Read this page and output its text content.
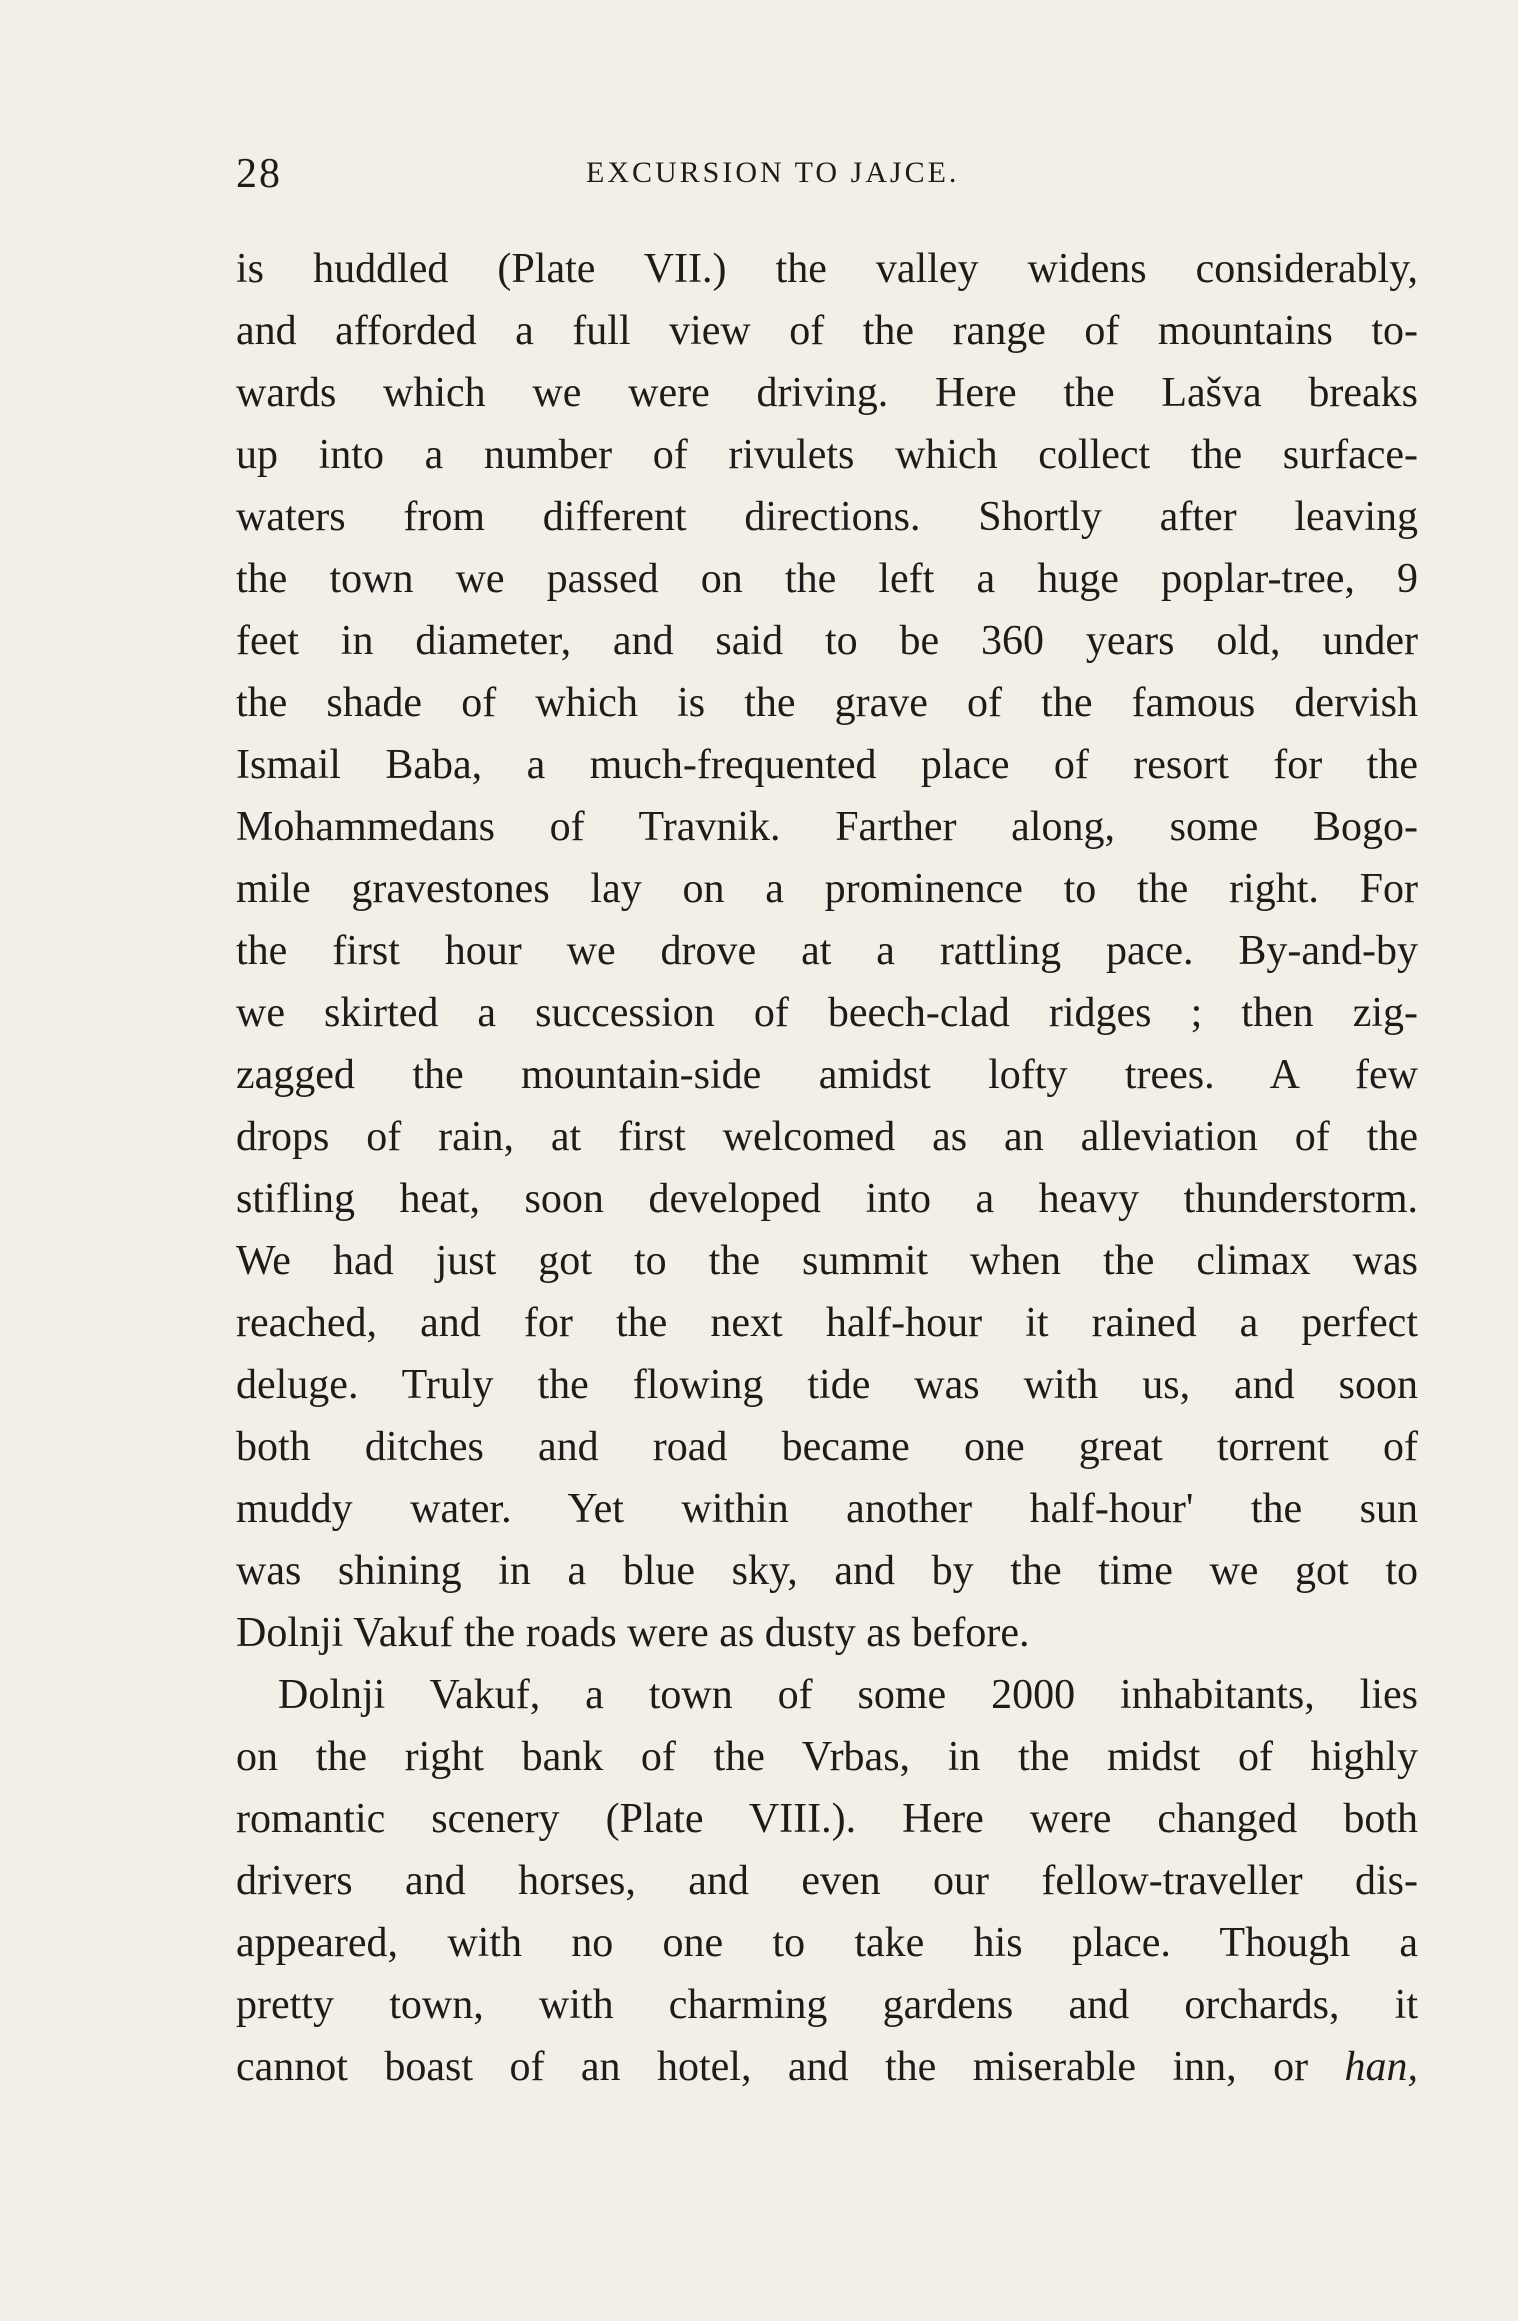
28	EXCURSION TO JAJCE.
is huddled (Plate VII.) the valley widens considerably,
and afforded a full view of the range of mountains to-
wards which we were driving. Here the Lašva breaks
up into a number of rivulets which collect the surface-
waters from different directions. Shortly after leaving
the town we passed on the left a huge poplar-tree, 9
feet in diameter, and said to be 360 years old, under
the shade of which is the grave of the famous dervish
Ismail Baba, a much-frequented place of resort for the
Mohammedans of Travnik. Farther along, some Bogo-
mile gravestones lay on a prominence to the right. For
the first hour we drove at a rattling pace. By-and-by
we skirted a succession of beech-clad ridges ; then zig-
zagged the mountain-side amidst lofty trees. A few
drops of rain, at first welcomed as an alleviation of the
stifling heat, soon developed into a heavy thunderstorm.
We had just got to the summit when the climax was
reached, and for the next half-hour it rained a perfect
deluge. Truly the flowing tide was with us, and soon
both ditches and road became one great torrent of
muddy water. Yet within another half-hour' the sun
was shining in a blue sky, and by the time we got to
Dolnji Vakuf the roads were as dusty as before.
Dolnji Vakuf, a town of some 2000 inhabitants, lies
on the right bank of the Vrbas, in the midst of highly
romantic scenery (Plate VIII.). Here were changed both
drivers and horses, and even our fellow-traveller dis-
appeared, with no one to take his place. Though a
pretty town, with charming gardens and orchards, it
cannot boast of an hotel, and the miserable inn, or han,
